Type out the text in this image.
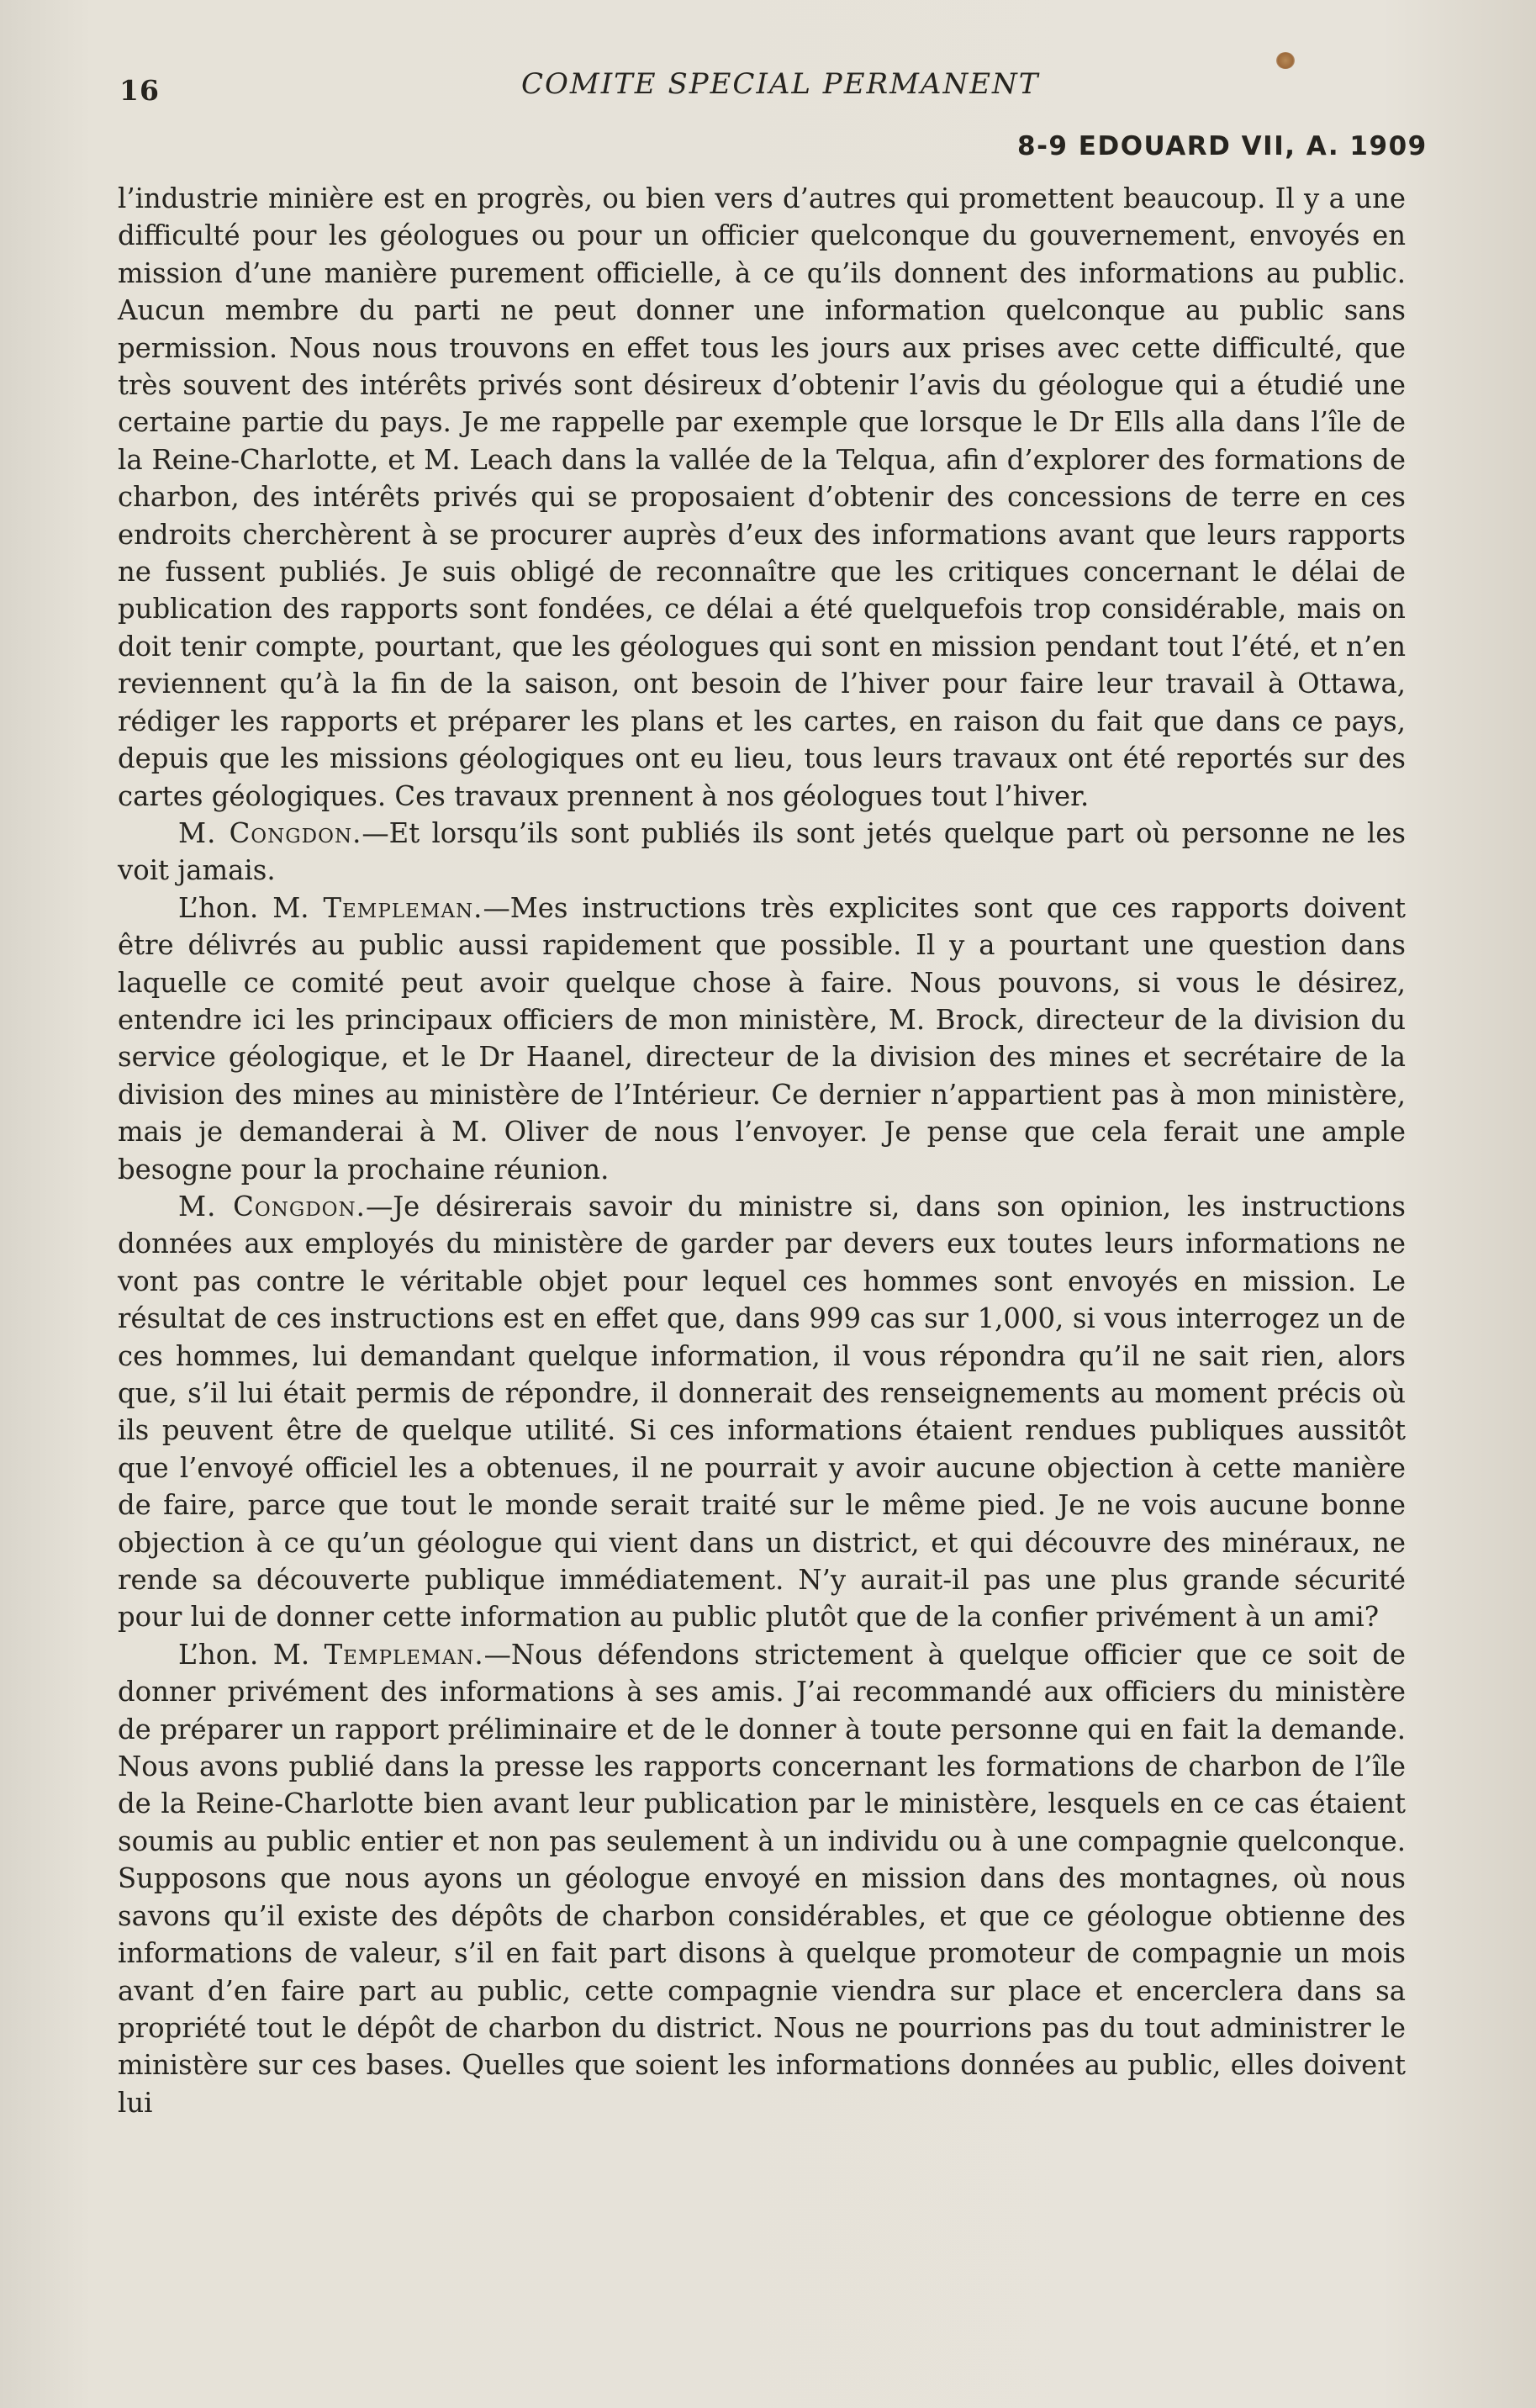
16	COMITE SPECIAL PERMANENT
8-9 EDOUARD VII, A. 1909

l’industrie minière est en progrès, ou bien vers d’autres qui promettent beaucoup. Il y a une difficulté pour les géologues ou pour un officier quelconque du gouvernement, envoyés en mission d’une manière purement officielle, à ce qu’ils donnent des informations au public. Aucun membre du parti ne peut donner une information quelconque au public sans permission. Nous nous trouvons en effet tous les jours aux prises avec cette difficulté, que très souvent des intérêts privés sont désireux d’obtenir l’avis du géologue qui a étudié une certaine partie du pays. Je me rappelle par exemple que lorsque le Dr Ells alla dans l’île de la Reine-Charlotte, et M. Leach dans la vallée de la Telqua, afin d’explorer des formations de charbon, des intérêts privés qui se proposaient d’obtenir des concessions de terre en ces endroits cherchèrent à se procurer auprès d’eux des informations avant que leurs rapports ne fussent publiés. Je suis obligé de reconnaître que les critiques concernant le délai de publication des rapports sont fondées, ce délai a été quelquefois trop considérable, mais on doit tenir compte, pourtant, que les géologues qui sont en mission pendant tout l’été, et n’en reviennent qu’à la fin de la saison, ont besoin de l’hiver pour faire leur travail à Ottawa, rédiger les rapports et préparer les plans et les cartes, en raison du fait que dans ce pays, depuis que les missions géologiques ont eu lieu, tous leurs travaux ont été reportés sur des cartes géologiques. Ces travaux prennent à nos géologues tout l’hiver.

M. Congdon.—Et lorsqu’ils sont publiés ils sont jetés quelque part où personne ne les voit jamais.

L’hon. M. Templeman.—Mes instructions très explicites sont que ces rapports doivent être délivrés au public aussi rapidement que possible. Il y a pourtant une question dans laquelle ce comité peut avoir quelque chose à faire. Nous pouvons, si vous le désirez, entendre ici les principaux officiers de mon ministère, M. Brock, directeur de la division du service géologique, et le Dr Haanel, directeur de la division des mines et secrétaire de la division des mines au ministère de l’Intérieur. Ce dernier n’appartient pas à mon ministère, mais je demanderai à M. Oliver de nous l’envoyer. Je pense que cela ferait une ample besogne pour la prochaine réunion.

M. Congdon.—Je désirerais savoir du ministre si, dans son opinion, les instructions données aux employés du ministère de garder par devers eux toutes leurs informations ne vont pas contre le véritable objet pour lequel ces hommes sont envoyés en mission. Le résultat de ces instructions est en effet que, dans 999 cas sur 1,000, si vous interrogez un de ces hommes, lui demandant quelque information, il vous répondra qu’il ne sait rien, alors que, s’il lui était permis de répondre, il donnerait des renseignements au moment précis où ils peuvent être de quelque utilité. Si ces informations étaient rendues publiques aussitôt que l’envoyé officiel les a obtenues, il ne pourrait y avoir aucune objection à cette manière de faire, parce que tout le monde serait traité sur le même pied. Je ne vois aucune bonne objection à ce qu’un géologue qui vient dans un district, et qui découvre des minéraux, ne rende sa découverte publique immédiatement. N’y aurait-il pas une plus grande sécurité pour lui de donner cette information au public plutôt que de la confier privément à un ami?

L’hon. M. Templeman.—Nous défendons strictement à quelque officier que ce soit de donner privément des informations à ses amis. J’ai recommandé aux officiers du ministère de préparer un rapport préliminaire et de le donner à toute personne qui en fait la demande. Nous avons publié dans la presse les rapports concernant les formations de charbon de l’île de la Reine-Charlotte bien avant leur publication par le ministère, lesquels en ce cas étaient soumis au public entier et non pas seulement à un individu ou à une compagnie quelconque. Supposons que nous ayons un géologue envoyé en mission dans des montagnes, où nous savons qu’il existe des dépôts de charbon considérables, et que ce géologue obtienne des informations de valeur, s’il en fait part disons à quelque promoteur de compagnie un mois avant d’en faire part au public, cette compagnie viendra sur place et encerclera dans sa propriété tout le dépôt de charbon du district. Nous ne pourrions pas du tout administrer le ministère sur ces bases. Quelles que soient les informations données au public, elles doivent lui
